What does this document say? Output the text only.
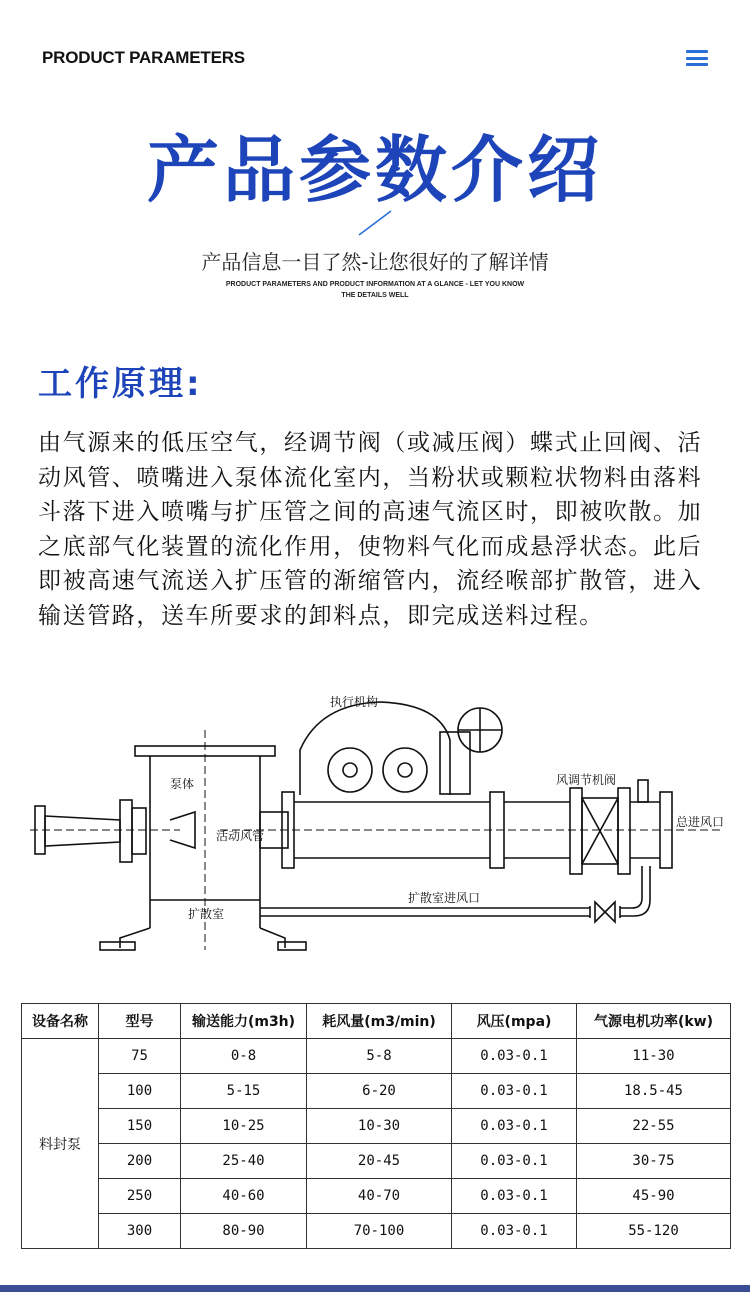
PRODUCT PARAMETERS
产品参数介绍
产品信息一目了然-让您很好的了解详情
PRODUCT PARAMETERS AND PRODUCT INFORMATION AT A GLANCE - LET YOU KNOW THE DETAILS WELL
工作原理:
由气源来的低压空气，经调节阀（或减压阀）蝶式止回阀、活动风管、喷嘴进入泵体流化室内，当粉状或颗粒状物料由落料斗落下进入喷嘴与扩压管之间的高速气流区时，即被吹散。加之底部气化装置的流化作用，使物料气化而成悬浮状态。此后即被高速气流送入扩压管的渐缩管内，流经喉部扩散管，进入输送管路，送车所要求的卸料点，即完成送料过程。
执行机构
泵体
活动风管
风调节机阀
总进风口
扩散室进风口
扩散室
设备名称	型号	输送能力(m3h)	耗风量(m3/min)	风压(mpa)	气源电机功率(kw)
料封泵	75	0-8	5-8	0.03-0.1	11-30
	100	5-15	6-20	0.03-0.1	18.5-45
	150	10-25	10-30	0.03-0.1	22-55
	200	25-40	20-45	0.03-0.1	30-75
	250	40-60	40-70	0.03-0.1	45-90
	300	80-90	70-100	0.03-0.1	55-120
